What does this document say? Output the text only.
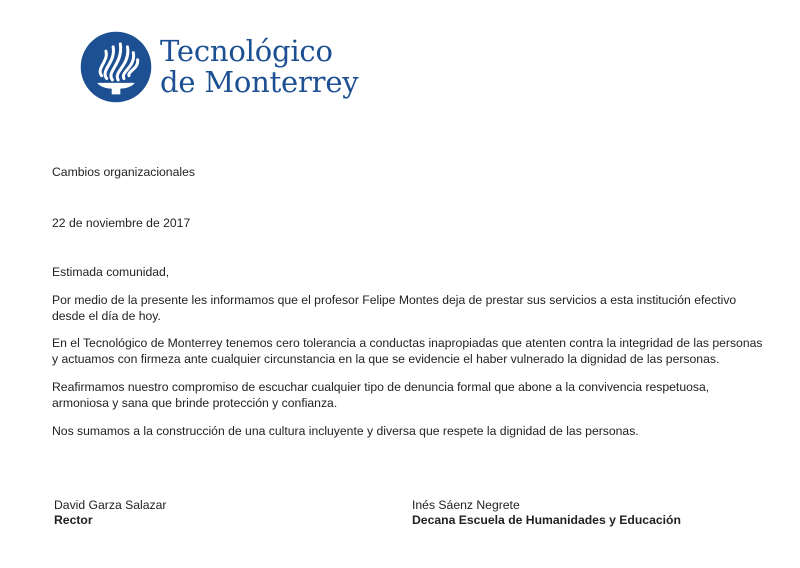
Tecnológico
de Monterrey
Cambios organizacionales
22 de noviembre de 2017
Estimada comunidad,
Por medio de la presente les informamos que el profesor Felipe Montes deja de prestar sus servicios a esta institución efectivo
desde el día de hoy.
En el Tecnológico de Monterrey tenemos cero tolerancia a conductas inapropiadas que atenten contra la integridad de las personas
y actuamos con firmeza ante cualquier circunstancia en la que se evidencie el haber vulnerado la dignidad de las personas.
Reafirmamos nuestro compromiso de escuchar cualquier tipo de denuncia formal que abone a la convivencia respetuosa,
armoniosa y sana que brinde protección y confianza.
Nos sumamos a la construcción de una cultura incluyente y diversa que respete la dignidad de las personas.
David Garza Salazar
Rector
Inés Sáenz Negrete
Decana Escuela de Humanidades y Educación
